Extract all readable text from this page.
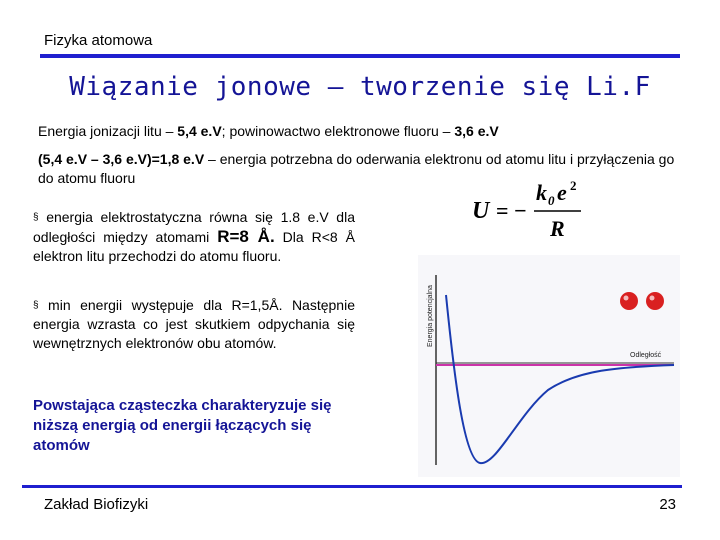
Fizyka atomowa
Wiązanie jonowe – tworzenie się Li.F
Energia jonizacji litu – 5,4 e.V; powinowactwo elektronowe fluoru – 3,6 e.V
(5,4 e.V – 3,6 e.V)=1,8 e.V – energia potrzebna do oderwania elektronu od atomu litu i przyłączenia go do atomu fluoru
U = −
k 0 e 2
R
§ energia elektrostatyczna równa się 1.8 e.V dla odległości między atomami R=8 Å. Dla R<8 Å elektron litu przechodzi do atomu fluoru.
§ min energii występuje dla R=1,5Å. Następnie energia wzrasta co jest skutkiem odpychania się wewnętrznych elektronów obu atomów.
Powstająca cząsteczka charakteryzuje się niższą energią od energii łączących się atomów
Energia potencjalna
Odległość
Zakład Biofizyki	23
